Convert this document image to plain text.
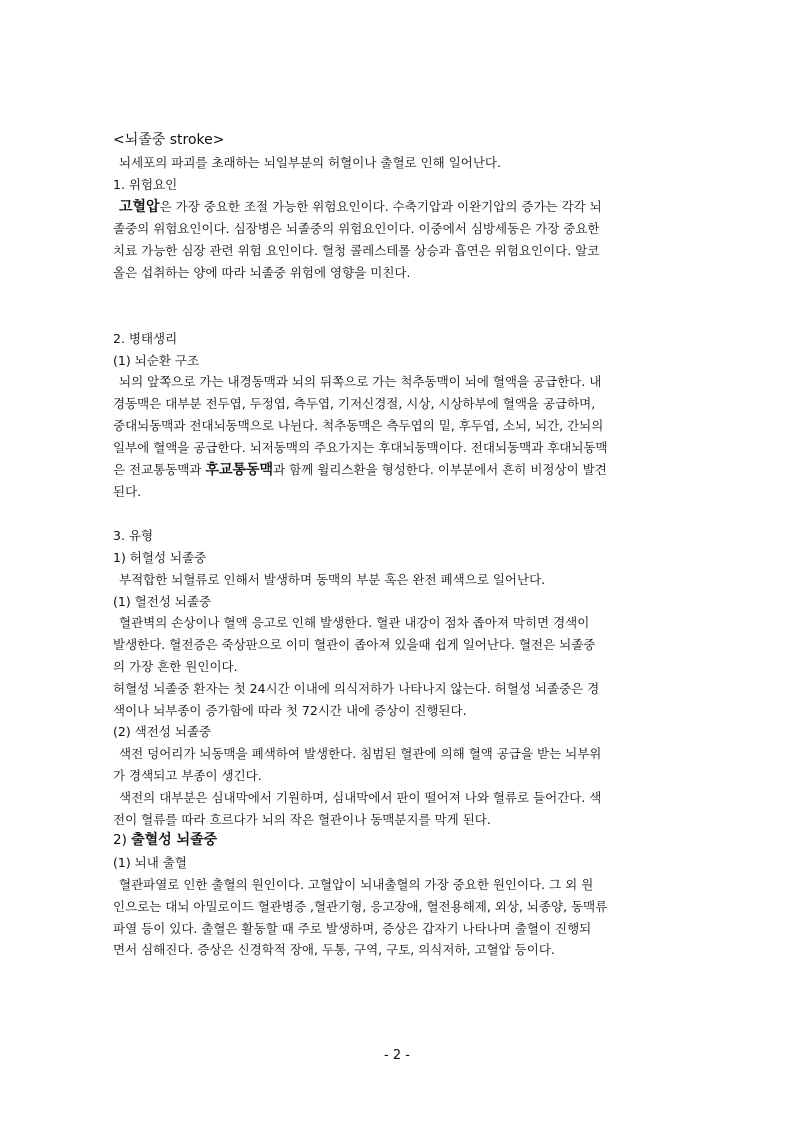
<뇌졸중 stroke>
뇌세포의 파괴를 초래하는 뇌일부분의 허혈이나 출혈로 인해 일어난다.
1. 위험요인
고혈압은 가장 중요한 조절 가능한 위험요인이다. 수축기압과 이완기압의 증가는 각각 뇌
졸중의 위험요인이다. 심장병은 뇌졸중의 위험요인이다. 이중에서 심방세동은 가장 중요한
치료 가능한 심장 관련 위험 요인이다. 혈청 콜레스테롤 상승과 흡연은 위험요인이다. 알코
올은 섭취하는 양에 따라 뇌졸중 위험에 영향을 미친다.
2. 병태생리
(1) 뇌순환 구조
뇌의 앞쪽으로 가는 내경동맥과 뇌의 뒤쪽으로 가는 척추동맥이 뇌에 혈액을 공급한다. 내
경동맥은 대부분 전두엽, 두정엽, 측두엽, 기저신경절, 시상, 시상하부에 혈액을 공급하며,
중대뇌동맥과 전대뇌동맥으로 나뉜다. 척추동맥은 측두엽의 밑, 후두엽, 소뇌, 뇌간, 간뇌의
일부에 혈액을 공급한다. 뇌저동맥의 주요가지는 후대뇌동맥이다. 전대뇌동맥과 후대뇌동맥
은 전교통동맥과 후교통동맥과 함께 윌리스환을 형성한다. 이부분에서 흔히 비정상이 발견
된다.
3. 유형
1) 허혈성 뇌졸중
부적합한 뇌혈류로 인해서 발생하며 동맥의 부분 혹은 완전 폐색으로 일어난다.
(1) 혈전성 뇌졸중
혈관벽의 손상이나 혈액 응고로 인해 발생한다. 혈관 내강이 점차 좁아져 막히면 경색이
발생한다. 혈전증은 죽상판으로 이미 혈관이 좁아져 있을때 쉽게 일어난다. 혈전은 뇌졸중
의 가장 흔한 원인이다.
허혈성 뇌졸중 환자는 첫 24시간 이내에 의식저하가 나타나지 않는다. 허혈성 뇌졸중은 경
색이나 뇌부종이 증가함에 따라 첫 72시간 내에 증상이 진행된다.
(2) 색전성 뇌졸중
색전 덩어리가 뇌동맥을 폐색하여 발생한다. 침범된 혈관에 의해 혈액 공급을 받는 뇌부위
가 경색되고 부종이 생긴다.
색전의 대부분은 심내막에서 기원하며, 심내막에서 판이 떨어져 나와 혈류로 들어간다. 색
전이 혈류를 따라 흐르다가 뇌의 작은 혈관이나 동맥분지를 막게 된다.
2) 출혈성 뇌졸중
(1) 뇌내 출혈
혈관파열로 인한 출혈의 원인이다. 고혈압이 뇌내출혈의 가장 중요한 원인이다. 그 외 원
인으로는 대뇌 아밀로이드 혈관병증 ,혈관기형, 응고장애, 혈전용해제, 외상, 뇌종양, 동맥류
파열 등이 있다. 출혈은 활동할 때 주로 발생하며, 증상은 갑자기 나타나며 출혈이 진행되
면서 심해진다. 증상은 신경학적 장애, 두통, 구역, 구토, 의식저하, 고혈압 등이다.
- 2 -
